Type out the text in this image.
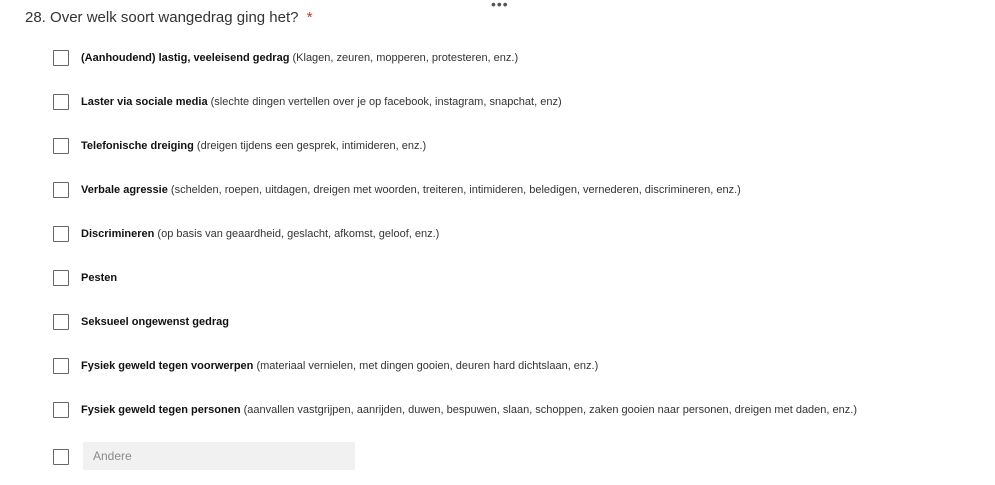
•••
28. Over welk soort wangedrag ging het? *
(Aanhoudend) lastig, veeleisend gedrag (Klagen, zeuren, mopperen, protesteren, enz.)
Laster via sociale media (slechte dingen vertellen over je op facebook, instagram, snapchat, enz)
Telefonische dreiging (dreigen tijdens een gesprek, intimideren, enz.)
Verbale agressie (schelden, roepen, uitdagen, dreigen met woorden, treiteren, intimideren, beledigen, vernederen, discrimineren, enz.)
Discrimineren (op basis van geaardheid, geslacht, afkomst, geloof, enz.)
Pesten
Seksueel ongewenst gedrag
Fysiek geweld tegen voorwerpen (materiaal vernielen, met dingen gooien, deuren hard dichtslaan, enz.)
Fysiek geweld tegen personen (aanvallen vastgrijpen, aanrijden, duwen, bespuwen, slaan, schoppen, zaken gooien naar personen, dreigen met daden, enz.)
Andere
